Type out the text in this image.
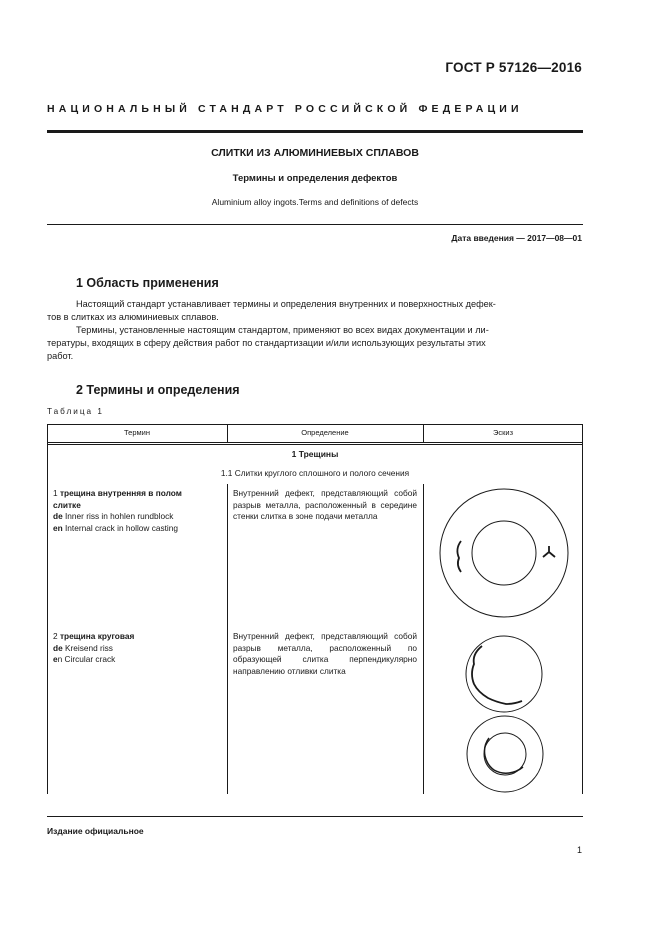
ГОСТ Р 57126—2016
НАЦИОНАЛЬНЫЙ СТАНДАРТ РОССИЙСКОЙ ФЕДЕРАЦИИ
СЛИТКИ ИЗ АЛЮМИНИЕВЫХ СПЛАВОВ
Термины и определения дефектов
Aluminium alloy ingots.Terms and definitions of defects
Дата введения — 2017—08—01
1 Область применения
Настоящий стандарт устанавливает термины и определения внутренних и поверхностных дефек-
тов в слитках из алюминиевых сплавов.
Термины, установленные настоящим стандартом, применяют во всех видах документации и ли-
тературы, входящих в сферу действия работ по стандартизации и/или использующих результаты этих
работ.
2 Термины и определения
Таблица 1
Термин	Определение	Эскиз
1 Трещины
1.1 Слитки круглого сплошного и полого сечения
1 трещина внутренняя в полом
слитке
de Inner riss in hohlen rundblock
en Internal crack in hollow casting
Внутренний дефект, представляющий собой разрыв металла, расположенный в середине стенки слитка в зоне подачи металла
2 трещина круговая
de Kreisend riss
en Circular crack
Внутренний дефект, представляющий собой разрыв металла, расположенный по образующей слитка перпендикулярно направлению отливки слитка
Издание официальное
1
